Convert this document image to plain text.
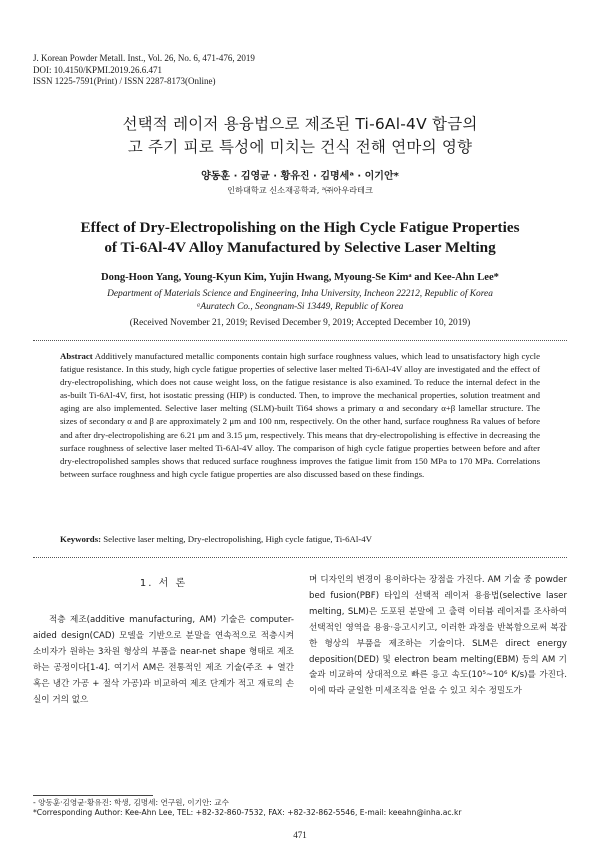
J. Korean Powder Metall. Inst., Vol. 26, No. 6, 471-476, 2019
DOI: 10.4150/KPMI.2019.26.6.471
ISSN 1225-7591(Print) / ISSN 2287-8173(Online)
선택적 레이저 용융법으로 제조된 Ti-6Al-4V 합금의
고 주기 피로 특성에 미치는 건식 전해 연마의 영향
양동훈 · 김영균 · 황유진 · 김명세ᵃ · 이기안*
인하대학교 신소재공학과, ᵃ㈜아우라테크
Effect of Dry-Electropolishing on the High Cycle Fatigue Properties
of Ti-6Al-4V Alloy Manufactured by Selective Laser Melting
Dong-Hoon Yang, Young-Kyun Kim, Yujin Hwang, Myoung-Se Kimᵃ and Kee-Ahn Lee*
Department of Materials Science and Engineering, Inha University, Incheon 22212, Republic of Korea
ᵃAuratech Co., Seongnam-Si 13449, Republic of Korea
(Received November 21, 2019; Revised December 9, 2019; Accepted December 10, 2019)
Abstract Additively manufactured metallic components contain high surface roughness values, which lead to unsatisfactory high cycle fatigue resistance. In this study, high cycle fatigue properties of selective laser melted Ti-6Al-4V alloy are investigated and the effect of dry-electropolishing, which does not cause weight loss, on the fatigue resistance is also examined. To reduce the internal defect in the as-built Ti-6Al-4V, first, hot isostatic pressing (HIP) is conducted. Then, to improve the mechanical properties, solution treatment and aging are also implemented. Selective laser melting (SLM)-built Ti64 shows a primary α and secondary α+β lamellar structure. The sizes of secondary α and β are approximately 2 μm and 100 nm, respectively. On the other hand, surface roughness Ra values of before and after dry-electropolishing are 6.21 μm and 3.15 μm, respectively. This means that dry-electropolishing is effective in decreasing the surface roughness of selective laser melted Ti-6Al-4V alloy. The comparison of high cycle fatigue properties between before and after dry-electropolished samples shows that reduced surface roughness improves the fatigue limit from 150 MPa to 170 MPa. Correlations between surface roughness and high cycle fatigue properties are also discussed based on these findings.
Keywords: Selective laser melting, Dry-electropolishing, High cycle fatigue, Ti-6Al-4V
1. 서 론

적층 제조(additive manufacturing, AM) 기술은 computer-aided design(CAD) 모델을 기반으로 분말을 연속적으로 적층시켜 소비자가 원하는 3차원 형상의 부품을 near-net shape 형태로 제조하는 공정이다[1-4]. 여기서 AM은 전통적인 제조 기술(주조 + 열간 혹은 냉간 가공 + 절삭 가공)과 비교하여 제조 단계가 적고 재료의 손실이 거의 없으

며 디자인의 변경이 용이하다는 장점을 가진다. AM 기술 중 powder bed fusion(PBF) 타입의 선택적 레이저 용융법(selective laser melting, SLM)은 도포된 분말에 고 출력 이터븀 레이저를 조사하여 선택적인 영역을 용융·응고시키고, 이러한 과정을 반복함으로써 복잡한 형상의 부품을 제조하는 기술이다. SLM은 direct energy deposition(DED) 및 electron beam melting(EBM) 등의 AM 기술과 비교하여 상대적으로 빠른 응고 속도(10⁵~10⁶ K/s)를 가진다. 이에 따라 균일한 미세조직을 얻을 수 있고 치수 정밀도가

- 양동훈·김영균·황유진: 학생, 김명세: 연구원, 이기안: 교수
*Corresponding Author: Kee-Ahn Lee, TEL: +82-32-860-7532, FAX: +82-32-862-5546, E-mail: keeahn@inha.ac.kr
471
